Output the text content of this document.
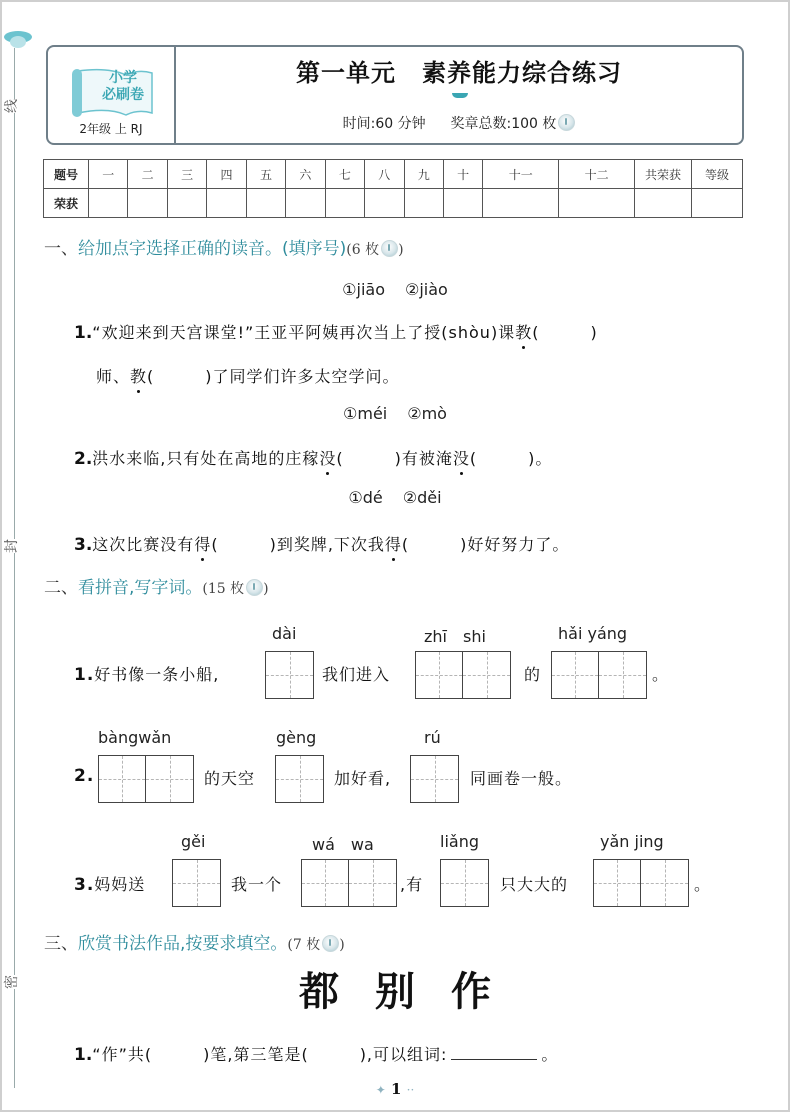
线
封
密
小学
必刷卷
2年级 上 RJ
第一单元 素养能力综合练习
时间:60 分钟 奖章总数:100 枚
题号	一	二	三	四	五	六	七	八	九	十	十一	十二	共荣获	等级
荣获														
一、给加点字选择正确的读音。(填序号)(6 枚 )
①jiāo ②jiào
1.“欢迎来到天宫课堂!”王亚平阿姨再次当上了授(shòu)课教(　　　)
师、教(　　　)了同学们许多太空学问。
①méi ②mò
2.洪水来临,只有处在高地的庄稼没(　　　)有被淹没(　　　)。
①dé ②děi
3.这次比赛没有得(　　　)到奖牌,下次我得(　　　)好好努力了。
二、看拼音,写字词。(15 枚 )
1.好书像一条小船,
dài
我们进入
zhī　shi
的
hǎi yáng
。
2.
bàngwǎn
的天空
gèng
加好看,
rú
同画卷一般。
3.妈妈送
gěi
我一个
wá　wa
,有
liǎng
只大大的
yǎn jing
。
三、欣赏书法作品,按要求填空。(7 枚 )
都 别 作
1.“作”共(　　　)笔,第三笔是(　　　),可以组词:	。
✦ 1 ··
